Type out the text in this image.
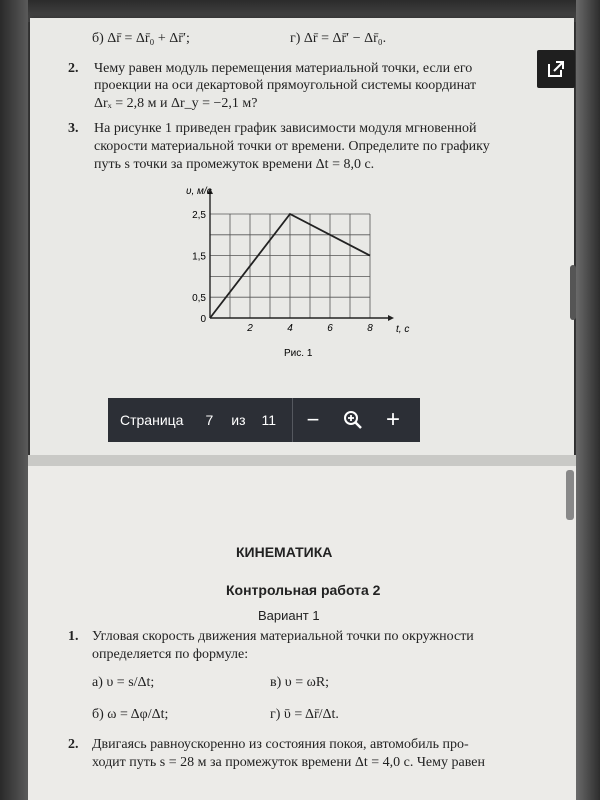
б) Δr̄ = Δr̄₀ + Δr̄′;	г) Δr̄ = Δr̄′ − Δr̄₀.
2. Чему равен модуль перемещения материальной точки, если его
проекции на оси декартовой прямоугольной системы координат
Δrₓ = 2,8 м и Δr_y = −2,1 м?
3. На рисунке 1 приведен график зависимости модуля мгновенной
скорости материальной точки от времени. Определите по графику
путь s точки за промежуток времени Δt = 8,0 с.
2	4	6	8
0,5
1,5
2,5
0
υ, м/с
t, с
Рис. 1
Страница 7 из 11 −	+
КИНЕМАТИКА
Контрольная работа 2
Вариант 1
1. Угловая скорость движения материальной точки по окружности
определяется по формуле:
а) υ = s/Δt;	в) υ = ωR;
б) ω = Δφ/Δt;	г) ῡ = Δr̄/Δt.
2. Двигаясь равноускоренно из состояния покоя, автомобиль про-
ходит путь s = 28 м за промежуток времени Δt = 4,0 с. Чему равен
